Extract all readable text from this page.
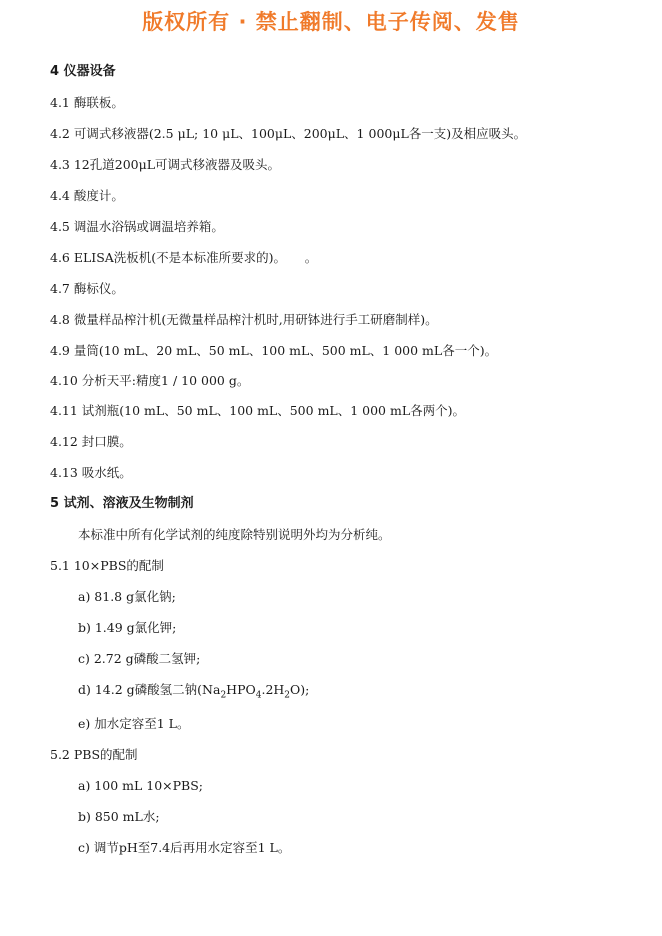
版权所有 · 禁止翻制、电子传阅、发售
4 仪器设备
4.1 酶联板。
4.2 可调式移液器(2.5 μL; 10 μL、100μL、200μL、1 000μL各一支)及相应吸头。
4.3 12孔道200μL可调式移液器及吸头。
4.4 酸度计。
4.5 调温水浴锅或调温培养箱。
4.6 ELISA洗板机(不是本标准所要求的)。　　。
4.7 酶标仪。
4.8 微量样品榨汁机(无微量样品榨汁机时,用研钵进行手工研磨制样)。
4.9 量筒(10 mL、20 mL、50 mL、100 mL、500 mL、1 000 mL各一个)。
4.10 分析天平:精度1 / 10 000 g。
4.11 试剂瓶(10 mL、50 mL、100 mL、500 mL、1 000 mL各两个)。
4.12 封口膜。
4.13 吸水纸。
5 试剂、溶液及生物制剂
本标准中所有化学试剂的纯度除特别说明外均为分析纯。
5.1 10×PBS的配制
a) 81.8 g氯化钠;
b) 1.49 g氯化钾;
c) 2.72 g磷酸二氢钾;
d) 14.2 g磷酸氢二钠$(Na_2HPO_4.2H_2O)$;
e) 加水定容至1 L。
5.2 PBS的配制
a) 100 mL 10×PBS;
b) 850 mL水;
c) 调节pH至7.4后再用水定容至1 L。
